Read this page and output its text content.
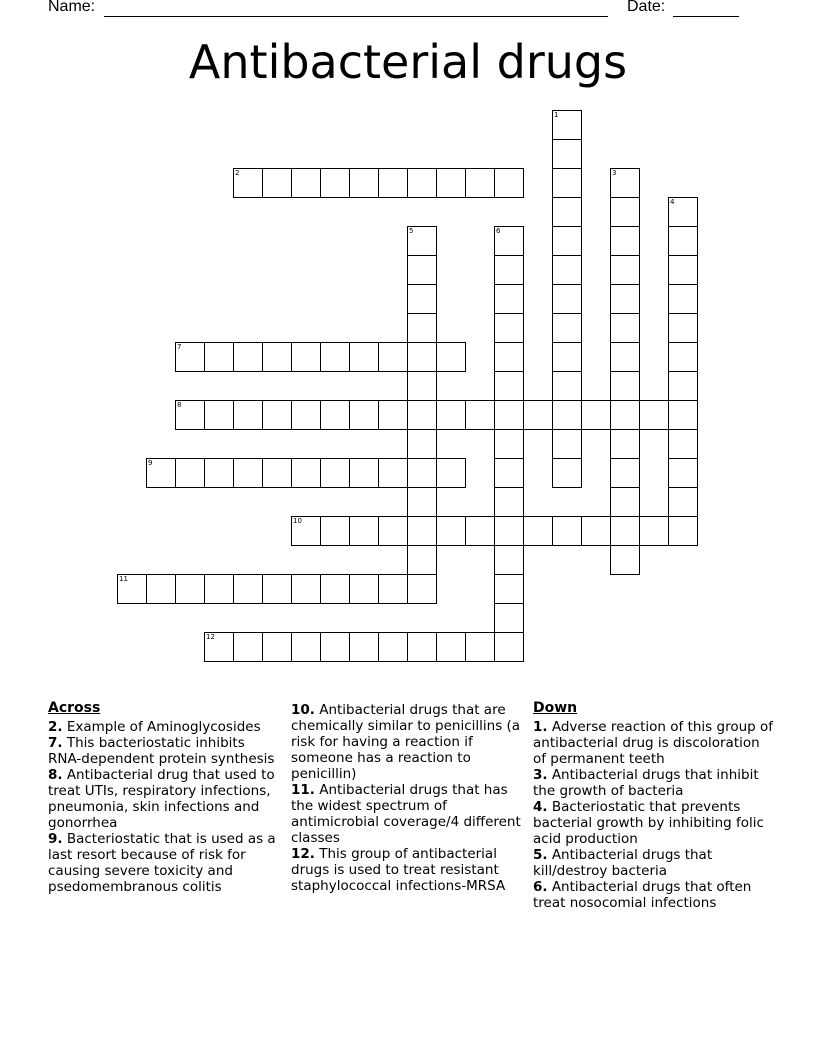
Name:	Date:
Antibacterial drugs
1
2	3
4
5	6
7
8
9
10
11
12
Across
2. Example of Aminoglycosides
7. This bacteriostatic inhibits RNA-dependent protein synthesis
8. Antibacterial drug that used to treat UTIs, respiratory infections, pneumonia, skin infections and gonorrhea
9. Bacteriostatic that is used as a last resort because of risk for causing severe toxicity and psedomembranous colitis
10. Antibacterial drugs that are chemically similar to penicillins (a risk for having a reaction if someone has a reaction to penicillin)
11. Antibacterial drugs that has the widest spectrum of antimicrobial coverage/4 different classes
12. This group of antibacterial drugs is used to treat resistant staphylococcal infections-MRSA
Down
1. Adverse reaction of this group of antibacterial drug is discoloration of permanent teeth
3. Antibacterial drugs that inhibit the growth of bacteria
4. Bacteriostatic that prevents bacterial growth by inhibiting folic acid production
5. Antibacterial drugs that kill/destroy bacteria
6. Antibacterial drugs that often treat nosocomial infections
